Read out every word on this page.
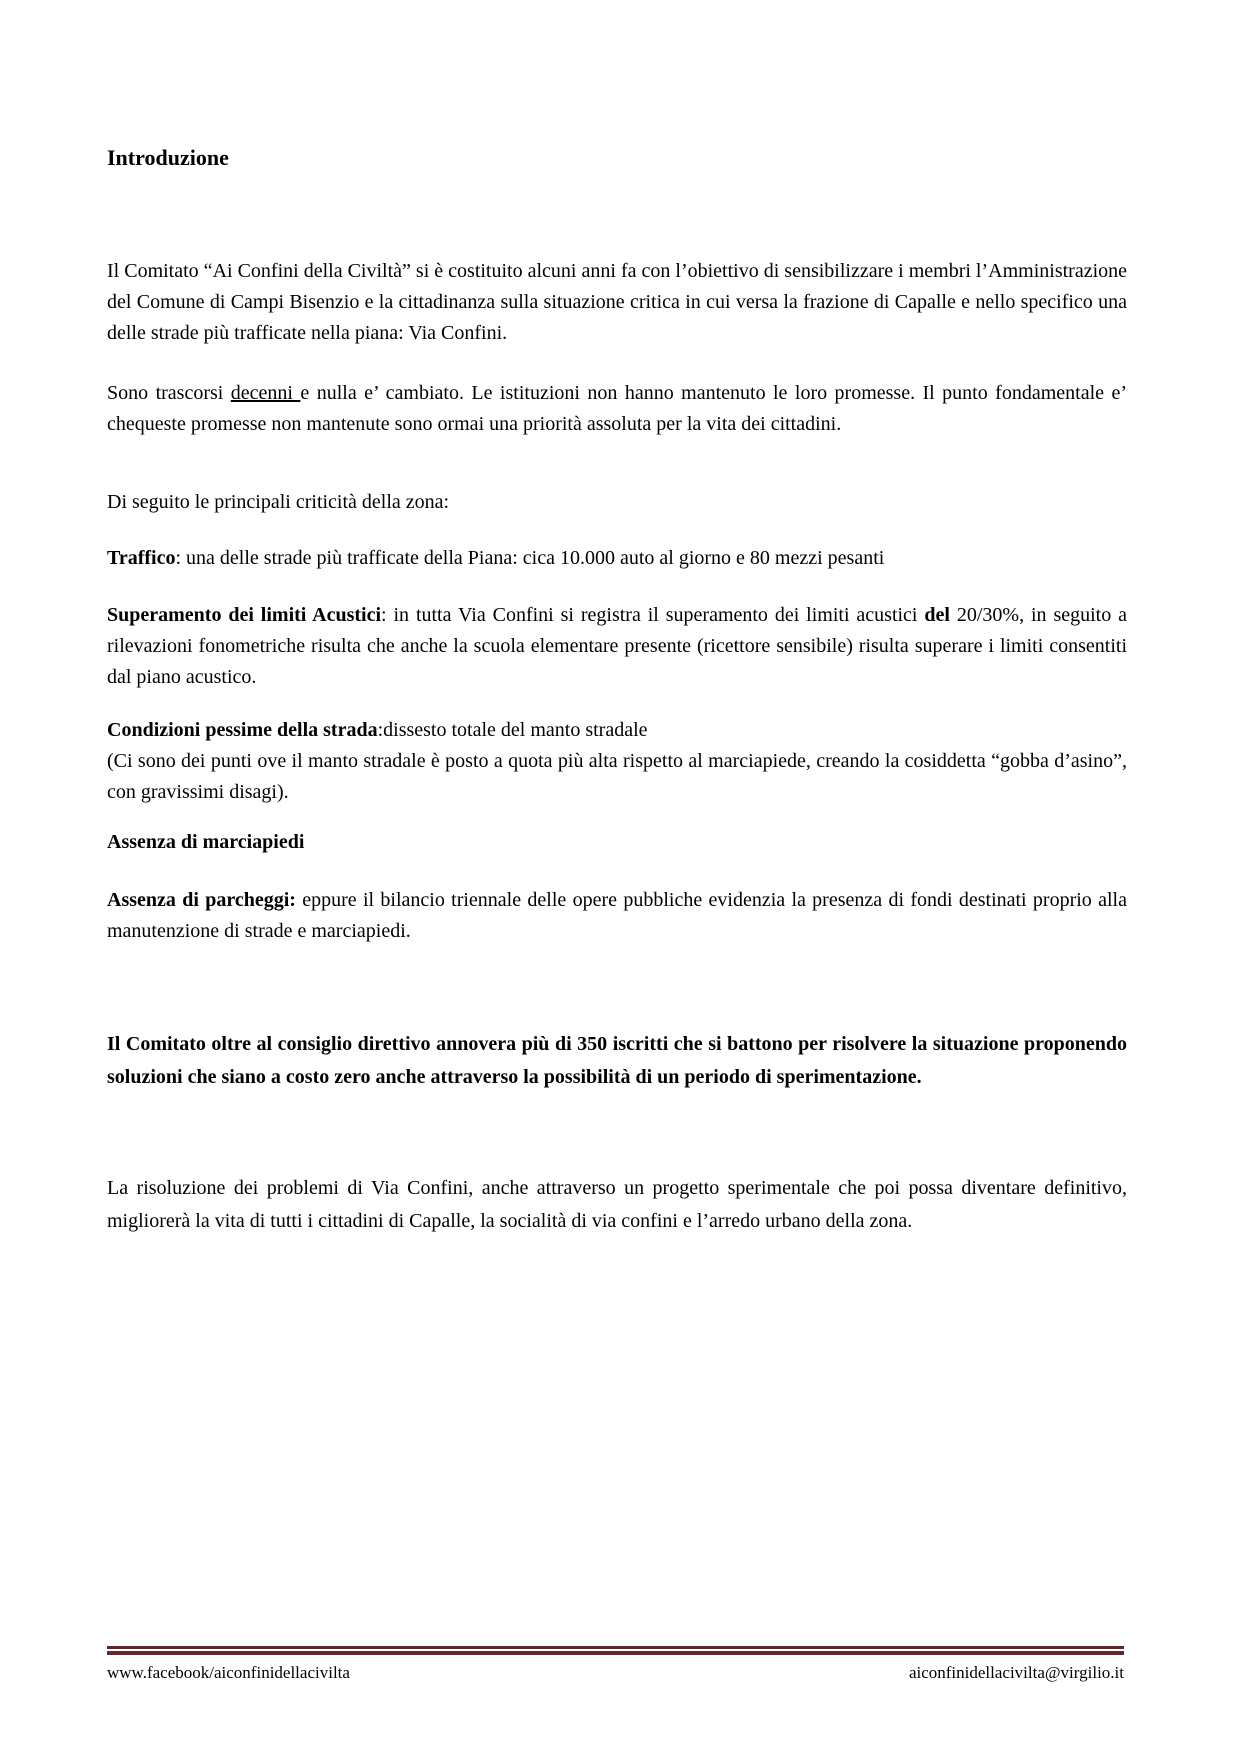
Introduzione

Il Comitato “Ai Confini della Civiltà” si è costituito alcuni anni fa con l’obiettivo di sensibilizzare i membri l’Amministrazione del Comune di Campi Bisenzio e la cittadinanza sulla situazione critica in cui versa la frazione di Capalle e nello specifico una delle strade più trafficate nella piana: Via Confini.

Sono trascorsi decenni e nulla e’ cambiato. Le istituzioni non hanno mantenuto le loro promesse. Il punto fondamentale e’ chequeste promesse non mantenute sono ormai una priorità assoluta per la vita dei cittadini.

Di seguito le principali criticità della zona:

Traffico: una delle strade più trafficate della Piana: cica 10.000 auto al giorno e 80 mezzi pesanti

Superamento dei limiti Acustici: in tutta Via Confini si registra il superamento dei limiti acustici del 20/30%, in seguito a rilevazioni fonometriche risulta che anche la scuola elementare presente (ricettore sensibile) risulta superare i limiti consentiti dal piano acustico.

Condizioni pessime della strada:dissesto totale del manto stradale
(Ci sono dei punti ove il manto stradale è posto a quota più alta rispetto al marciapiede, creando la cosiddetta “gobba d’asino”, con gravissimi disagi).

Assenza di marciapiedi

Assenza di parcheggi: eppure il bilancio triennale delle opere pubbliche evidenzia la presenza di fondi destinati proprio alla manutenzione di strade e marciapiedi.

Il Comitato oltre al consiglio direttivo annovera più di 350 iscritti che si battono per risolvere la situazione proponendo soluzioni che siano a costo zero anche attraverso la possibilità di un periodo di sperimentazione.

La risoluzione dei problemi di Via Confini, anche attraverso un progetto sperimentale che poi possa diventare definitivo, migliorerà la vita di tutti i cittadini di Capalle, la socialità di via confini e l’arredo urbano della zona.

www.facebook/aiconfinidellacivilta	aiconfinidellacivilta@virgilio.it
